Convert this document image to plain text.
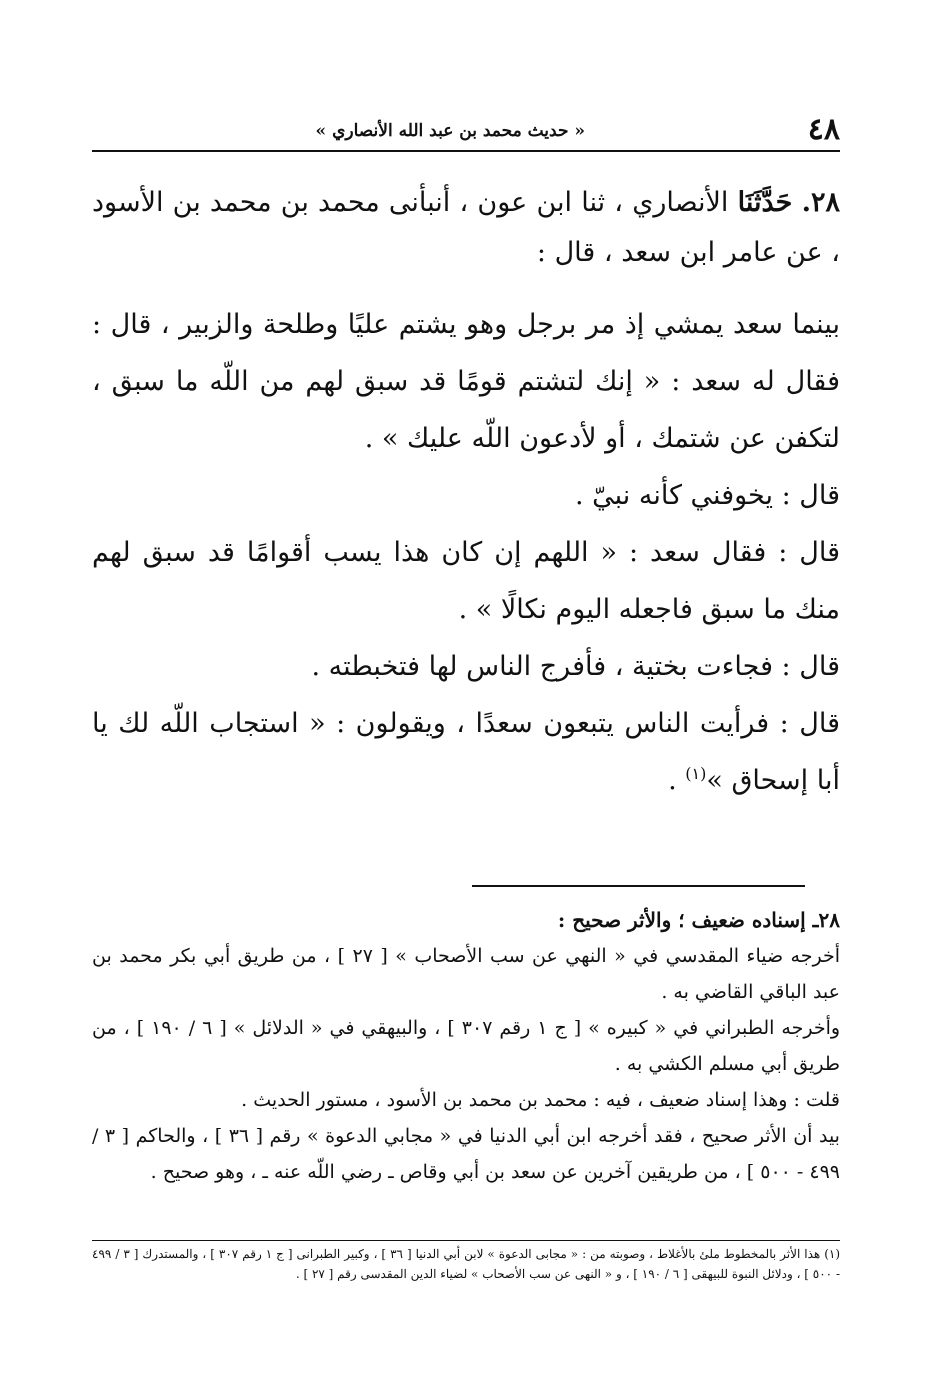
٤٨
« حديث محمد بن عبد الله الأنصاري »

٢٨. حَدَّثَنَا الأنصاري ، ثنا ابن عون ، أنبأنى محمد بن محمد بن الأسود ، عن عامر ابن سعد ، قال :

بينما سعد يمشي إذ مر برجل وهو يشتم عليًا وطلحة والزبير ، قال : فقال له سعد : « إنك لتشتم قومًا قد سبق لهم من اللّه ما سبق ، لتكفن عن شتمك ، أو لأدعون اللّه عليك » .

قال : يخوفني كأنه نبيّ .

قال : فقال سعد : « اللهم إن كان هذا يسب أقوامًا قد سبق لهم منك ما سبق فاجعله اليوم نكالًا » .

قال : فجاءت بختية ، فأفرج الناس لها فتخبطته .

قال : فرأيت الناس يتبعون سعدًا ، ويقولون : « استجاب اللّه لك يا أبا إسحاق »$^{(١)}$ .

٢٨ـ إسناده ضعيف ؛ والأثر صحيح :

أخرجه ضياء المقدسي في « النهي عن سب الأصحاب » [ ٢٧ ] ، من طريق أبي بكر محمد بن عبد الباقي القاضي به .

وأخرجه الطبراني في « كبيره » [ ج ١ رقم ٣٠٧ ] ، والبيهقي في « الدلائل » [ ٦ / ١٩٠ ] ، من طريق أبي مسلم الكشي به .

قلت : وهذا إسناد ضعيف ، فيه : محمد بن محمد بن الأسود ، مستور الحديث .

بيد أن الأثر صحيح ، فقد أخرجه ابن أبي الدنيا في « مجابي الدعوة » رقم [ ٣٦ ] ، والحاكم [ ٣ / ٤٩٩ - ٥٠٠ ] ، من طريقين آخرين عن سعد بن أبي وقاص ـ رضي اللّه عنه ـ ، وهو صحيح .

(١) هذا الأثر بالمخطوط ملئ بالأغلاط ، وصوبته من : « مجابى الدعوة » لابن أبي الدنيا [ ٣٦ ] ، وكبير الطبرانى [ ج ١ رقم ٣٠٧ ] ، والمستدرك [ ٣ / ٤٩٩ - ٥٠٠ ] ، ودلائل النبوة للبيهقى [ ٦ / ١٩٠ ] ، و « النهى عن سب الأصحاب » لضياء الدين المقدسى رقم [ ٢٧ ] .
